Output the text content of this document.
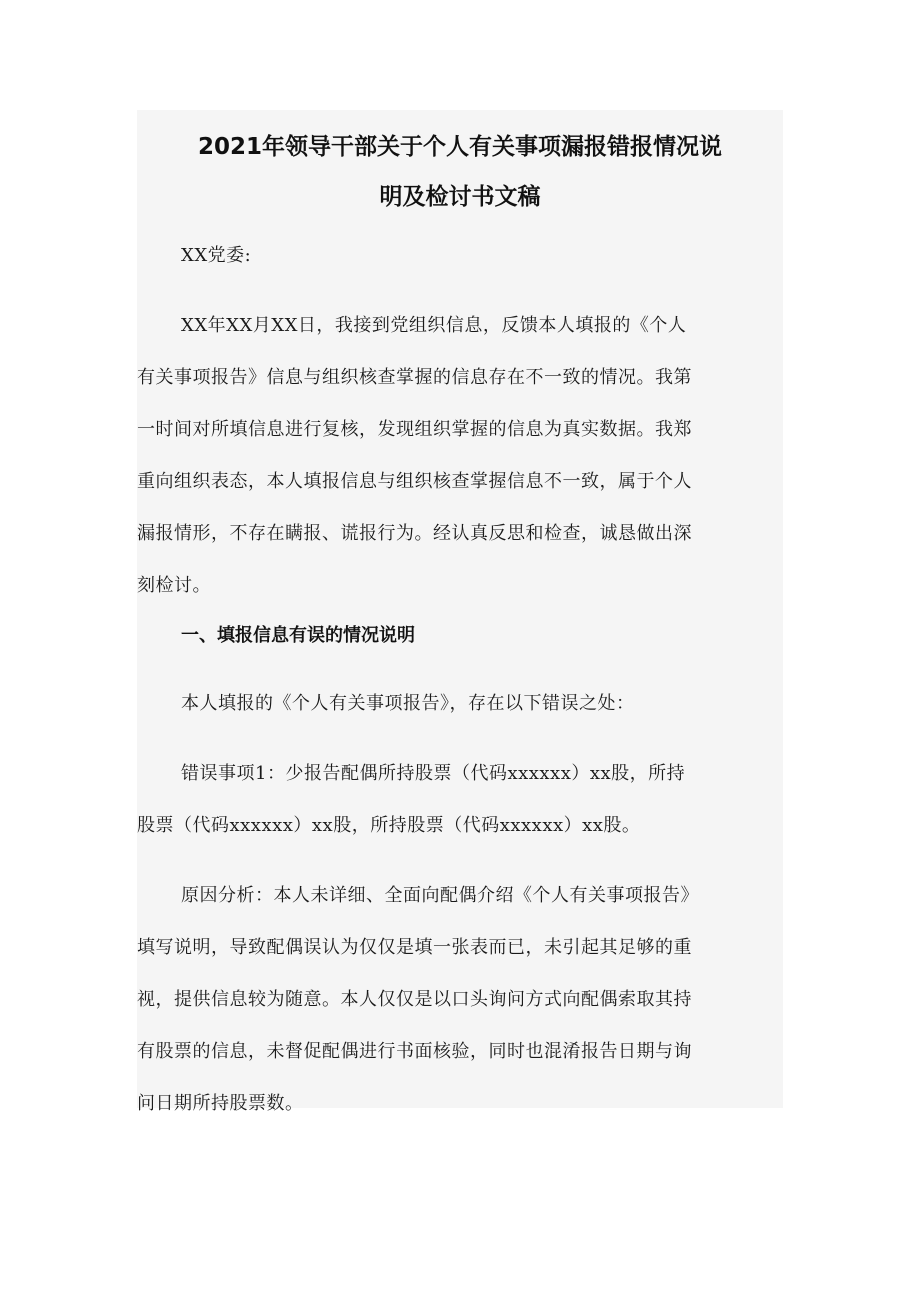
2021年领导干部关于个人有关事项漏报错报情况说
明及检讨书文稿

XX党委:

XX年XX月XX日，我接到党组织信息，反馈本人填报的《个人
有关事项报告》信息与组织核查掌握的信息存在不一致的情况。我第
一时间对所填信息进行复核，发现组织掌握的信息为真实数据。我郑
重向组织表态，本人填报信息与组织核查掌握信息不一致，属于个人
漏报情形，不存在瞒报、谎报行为。经认真反思和检查，诚恳做出深
刻检讨。

一、填报信息有误的情况说明

本人填报的《个人有关事项报告》，存在以下错误之处：

错误事项1：少报告配偶所持股票（代码xxxxxx）xx股，所持
股票（代码xxxxxx）xx股，所持股票（代码xxxxxx）xx股。

原因分析：本人未详细、全面向配偶介绍《个人有关事项报告》
填写说明，导致配偶误认为仅仅是填一张表而已，未引起其足够的重
视，提供信息较为随意。本人仅仅是以口头询问方式向配偶索取其持
有股票的信息，未督促配偶进行书面核验，同时也混淆报告日期与询
问日期所持股票数。
